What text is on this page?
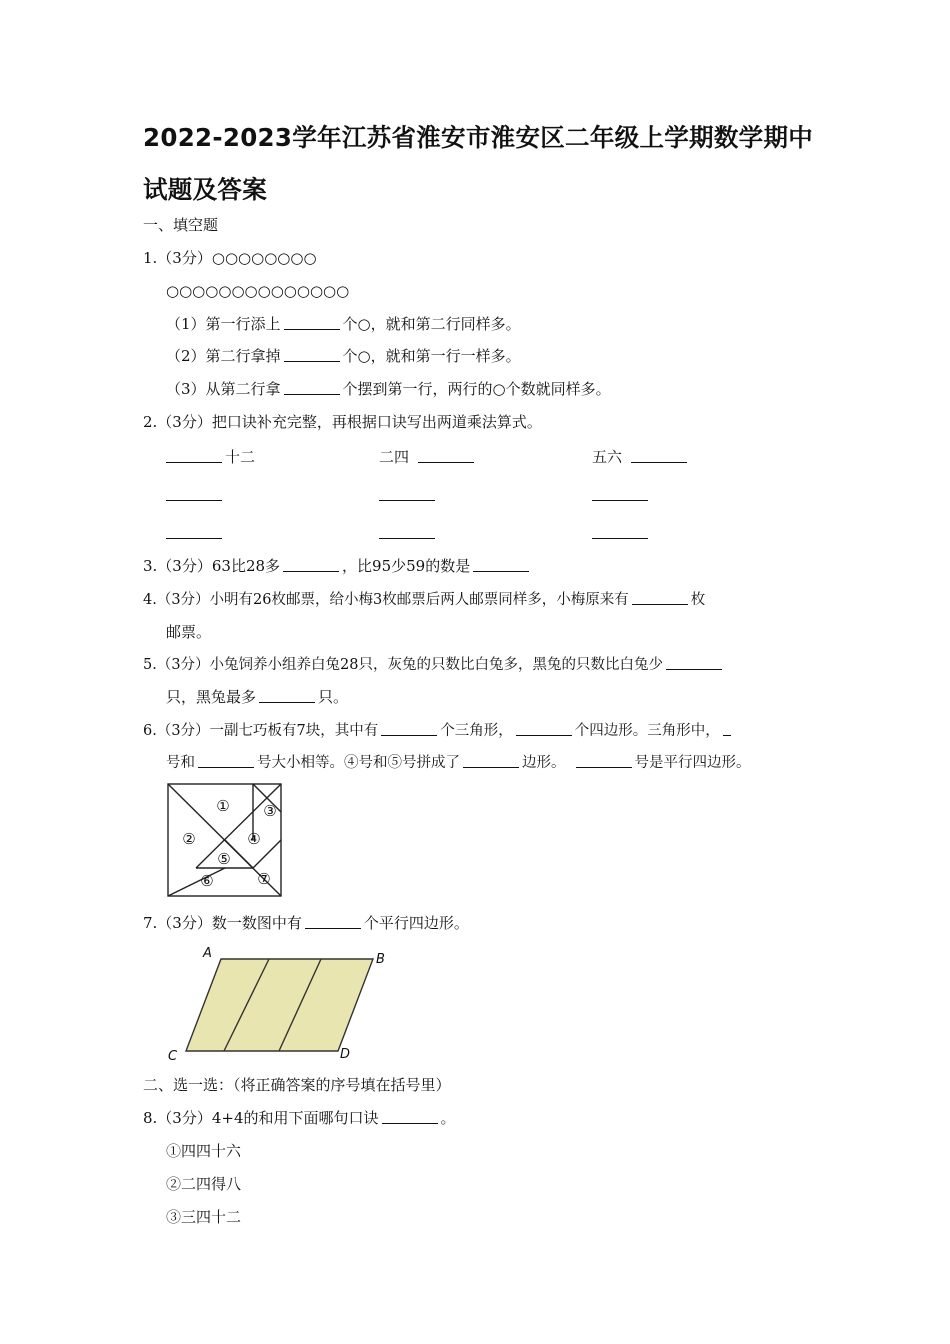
2022-2023学年江苏省淮安市淮安区二年级上学期数学期中
试题及答案
一、填空题
1.（3分）○○○○○○○○
○○○○○○○○○○○○○○
（1）第一行添上	个○，就和第二行同样多。
（2）第二行拿掉	个○，就和第一行一样多。
（3）从第二行拿	个摆到第一行，两行的○个数就同样多。
2.（3分）把口诀补充完整，再根据口诀写出两道乘法算式。
十二	二四	五六
3.（3分）63比28多	，比95少59的数是
4.（3分）小明有26枚邮票，给小梅3枚邮票后两人邮票同样多，小梅原来有	枚
邮票。
5.（3分）小兔饲养小组养白兔28只，灰兔的只数比白兔多，黑兔的只数比白兔少
只，黑兔最多	只。
6.（3分）一副七巧板有7块，其中有	个三角形，	个四边形。三角形中，
号和	号大小相等。④号和⑤号拼成了	边形。	号是平行四边形。
①
②
③
④
⑤
⑥	⑦
7.（3分）数一数图中有	个平行四边形。
A	B
C	D
二、选一选：（将正确答案的序号填在括号里）
8.（3分）4+4的和用下面哪句口诀	。
①四四十六
②二四得八
③三四十二
